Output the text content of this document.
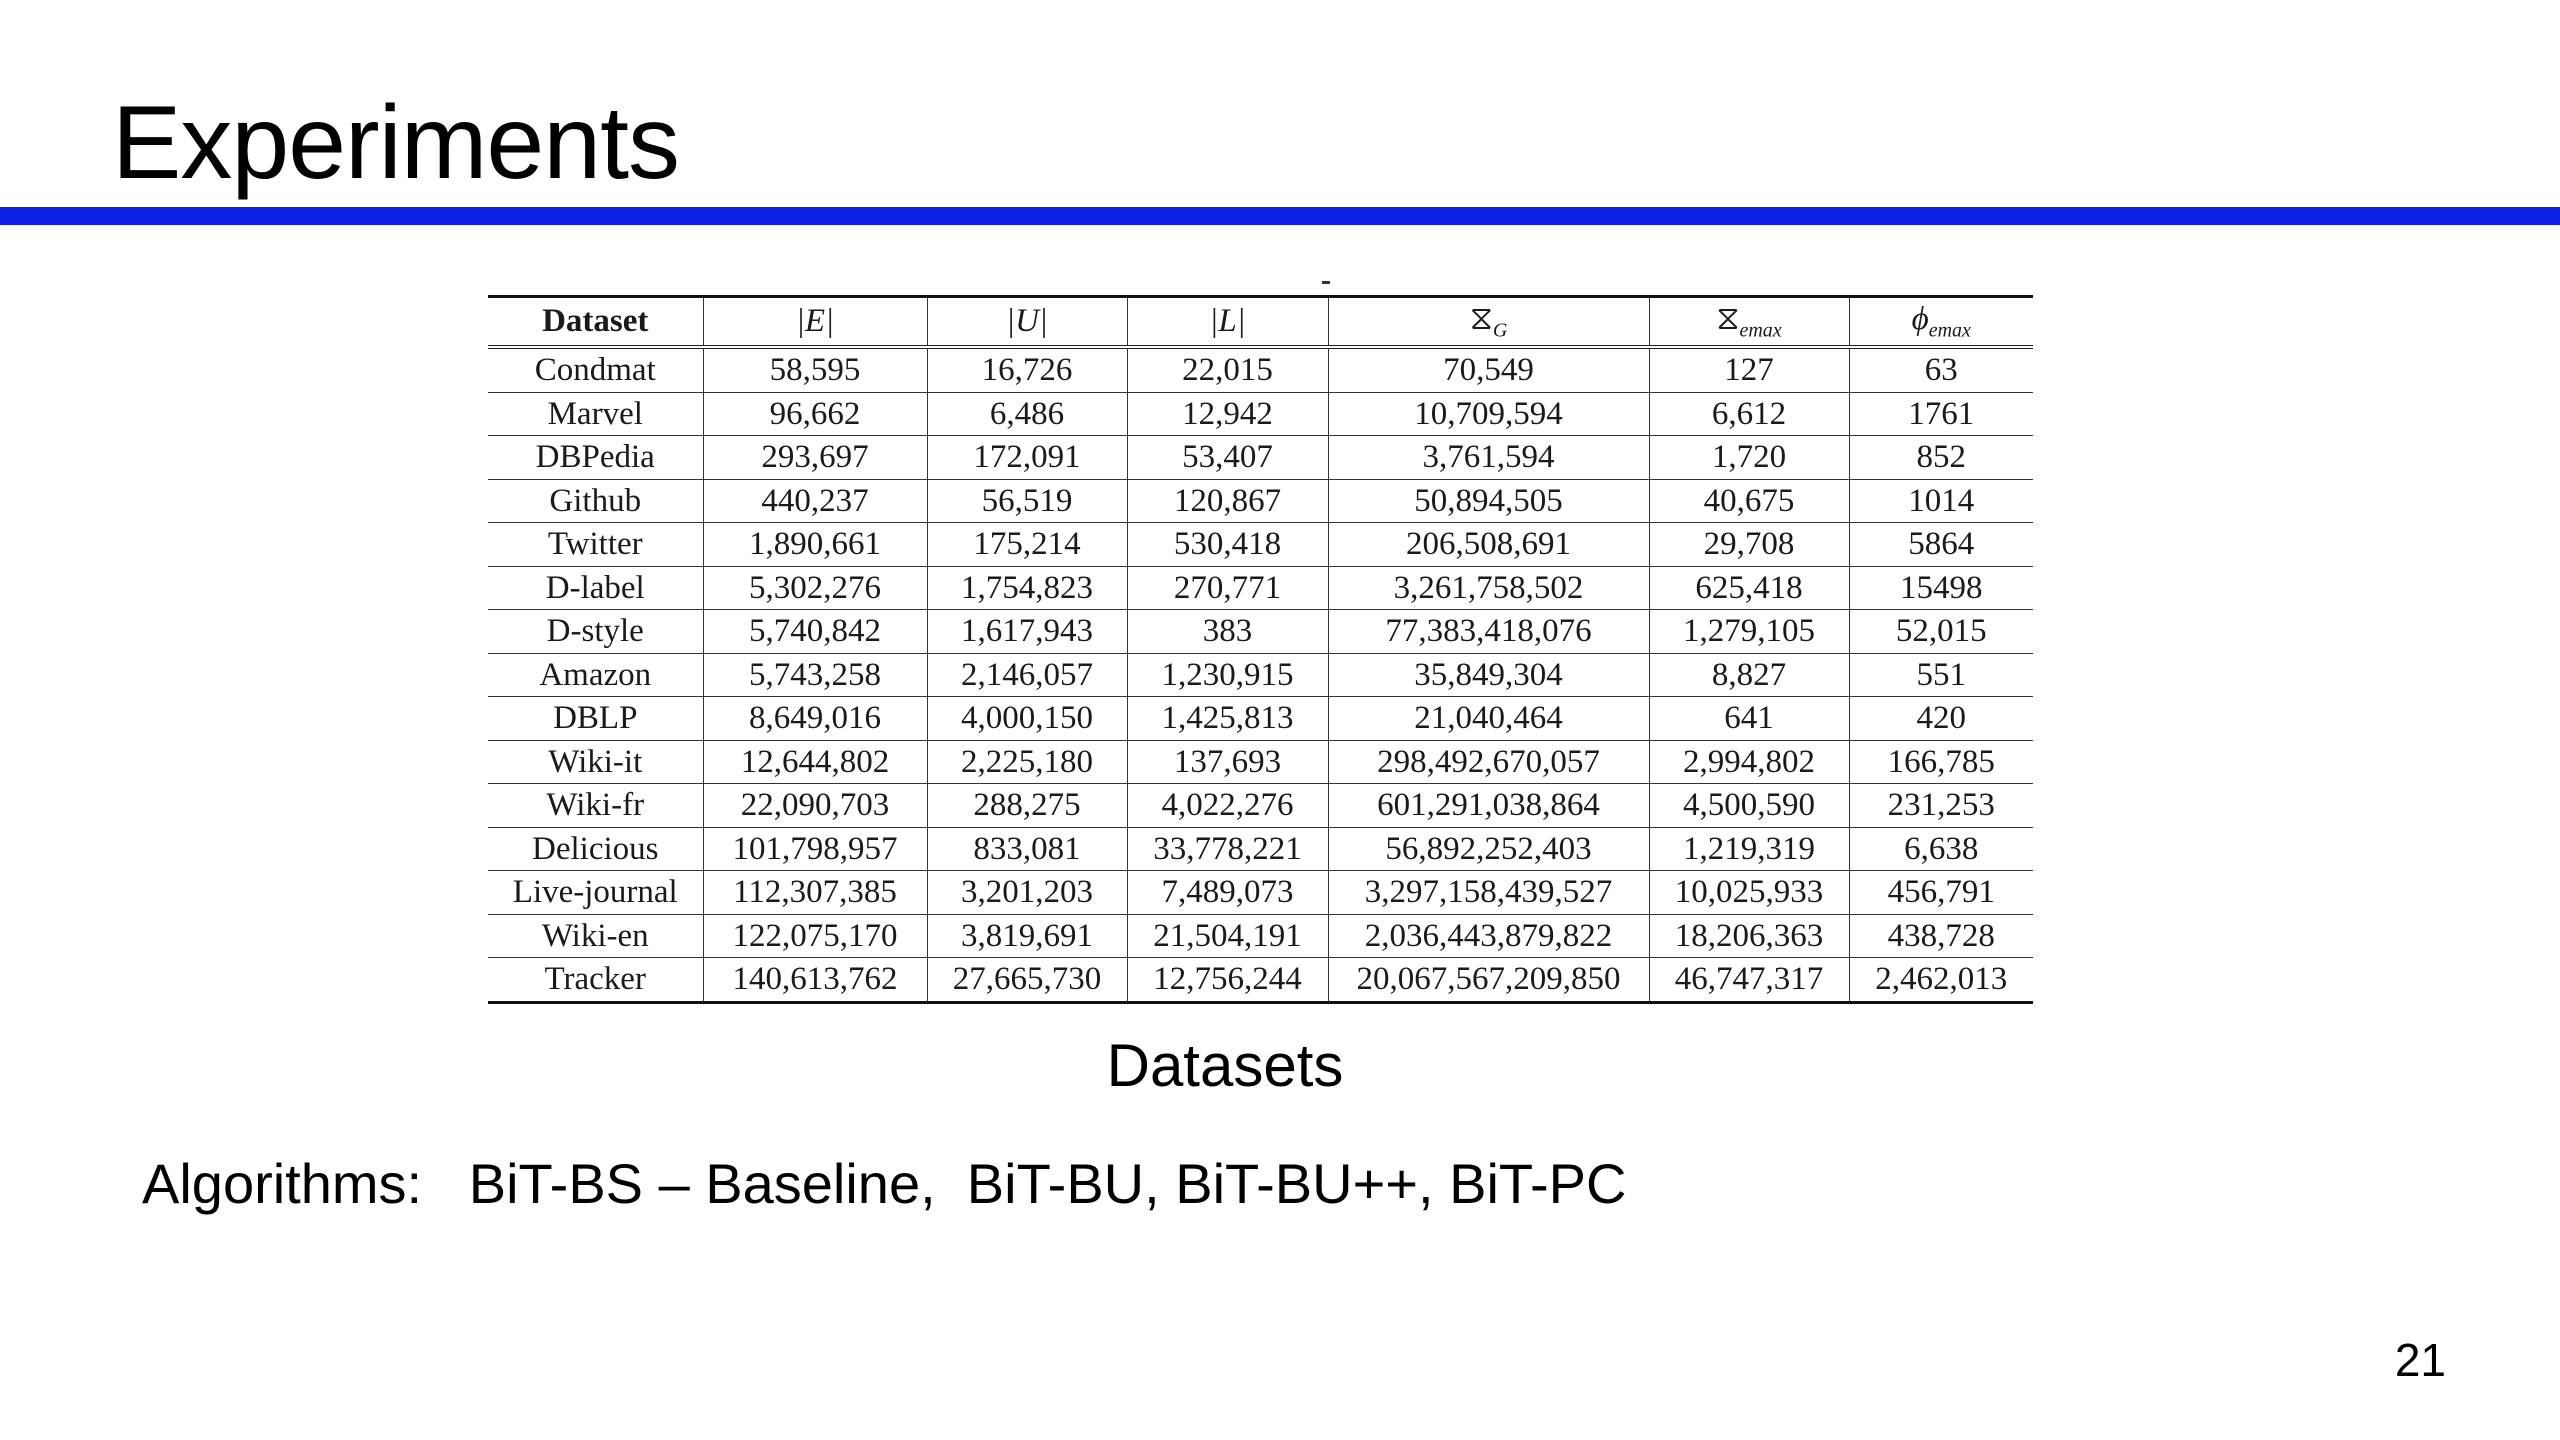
Experiments
Dataset	|E|	|U|	|L|	$⧖_G$	$⧖_{emax}$	$\phi_{emax}$
Condmat	58,595	16,726	22,015	70,549	127	63
Marvel	96,662	6,486	12,942	10,709,594	6,612	1761
DBPedia	293,697	172,091	53,407	3,761,594	1,720	852
Github	440,237	56,519	120,867	50,894,505	40,675	1014
Twitter	1,890,661	175,214	530,418	206,508,691	29,708	5864
D-label	5,302,276	1,754,823	270,771	3,261,758,502	625,418	15498
D-style	5,740,842	1,617,943	383	77,383,418,076	1,279,105	52,015
Amazon	5,743,258	2,146,057	1,230,915	35,849,304	8,827	551
DBLP	8,649,016	4,000,150	1,425,813	21,040,464	641	420
Wiki-it	12,644,802	2,225,180	137,693	298,492,670,057	2,994,802	166,785
Wiki-fr	22,090,703	288,275	4,022,276	601,291,038,864	4,500,590	231,253
Delicious	101,798,957	833,081	33,778,221	56,892,252,403	1,219,319	6,638
Live-journal	112,307,385	3,201,203	7,489,073	3,297,158,439,527	10,025,933	456,791
Wiki-en	122,075,170	3,819,691	21,504,191	2,036,443,879,822	18,206,363	438,728
Tracker	140,613,762	27,665,730	12,756,244	20,067,567,209,850	46,747,317	2,462,013
Datasets
Algorithms:   BiT-BS – Baseline,  BiT-BU, BiT-BU++, BiT-PC
21
